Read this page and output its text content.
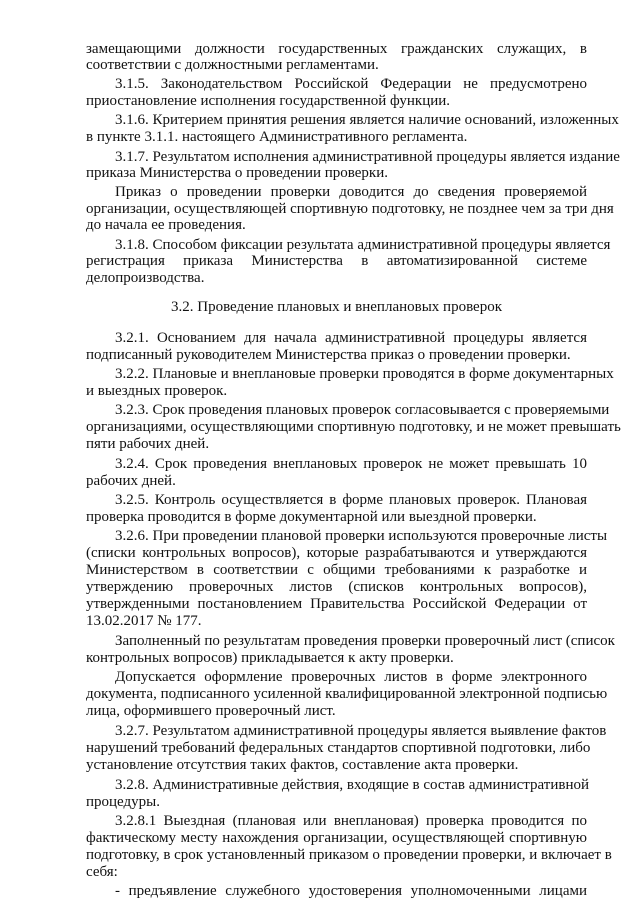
замещающими должности государственных гражданских служащих, в
соответствии с должностными регламентами.
3.1.5. Законодательством Российской Федерации не предусмотрено
приостановление исполнения государственной функции.
3.1.6. Критерием принятия решения является наличие оснований, изложенных
в пункте 3.1.1. настоящего Административного регламента.
3.1.7. Результатом исполнения административной процедуры является издание
приказа Министерства о проведении проверки.
Приказ о проведении проверки доводится до сведения проверяемой
организации, осуществляющей спортивную подготовку, не позднее чем за три дня
до начала ее проведения.
3.1.8. Способом фиксации результата административной процедуры является
регистрация приказа Министерства в автоматизированной системе
делопроизводства.
3.2. Проведение плановых и внеплановых проверок
3.2.1. Основанием для начала административной процедуры является
подписанный руководителем Министерства приказ о проведении проверки.
3.2.2. Плановые и внеплановые проверки проводятся в форме документарных
и выездных проверок.
3.2.3. Срок проведения плановых проверок согласовывается с проверяемыми
организациями, осуществляющими спортивную подготовку, и не может превышать
пяти рабочих дней.
3.2.4. Срок проведения внеплановых проверок не может превышать 10
рабочих дней.
3.2.5. Контроль осуществляется в форме плановых проверок. Плановая
проверка проводится в форме документарной или выездной проверки.
3.2.6. При проведении плановой проверки используются проверочные листы
(списки контрольных вопросов), которые разрабатываются и утверждаются
Министерством в соответствии с общими требованиями к разработке и
утверждению проверочных листов (списков контрольных вопросов),
утвержденными постановлением Правительства Российской Федерации от
13.02.2017 № 177.
Заполненный по результатам проведения проверки проверочный лист (список
контрольных вопросов) прикладывается к акту проверки.
Допускается оформление проверочных листов в форме электронного
документа, подписанного усиленной квалифицированной электронной подписью
лица, оформившего проверочный лист.
3.2.7. Результатом административной процедуры является выявление фактов
нарушений требований федеральных стандартов спортивной подготовки, либо
установление отсутствия таких фактов, составление акта проверки.
3.2.8. Административные действия, входящие в состав административной
процедуры.
3.2.8.1 Выездная (плановая или внеплановая) проверка проводится по
фактическому месту нахождения организации, осуществляющей спортивную
подготовку, в срок установленный приказом о проведении проверки, и включает в
себя:
- предъявление служебного удостоверения уполномоченными лицами
